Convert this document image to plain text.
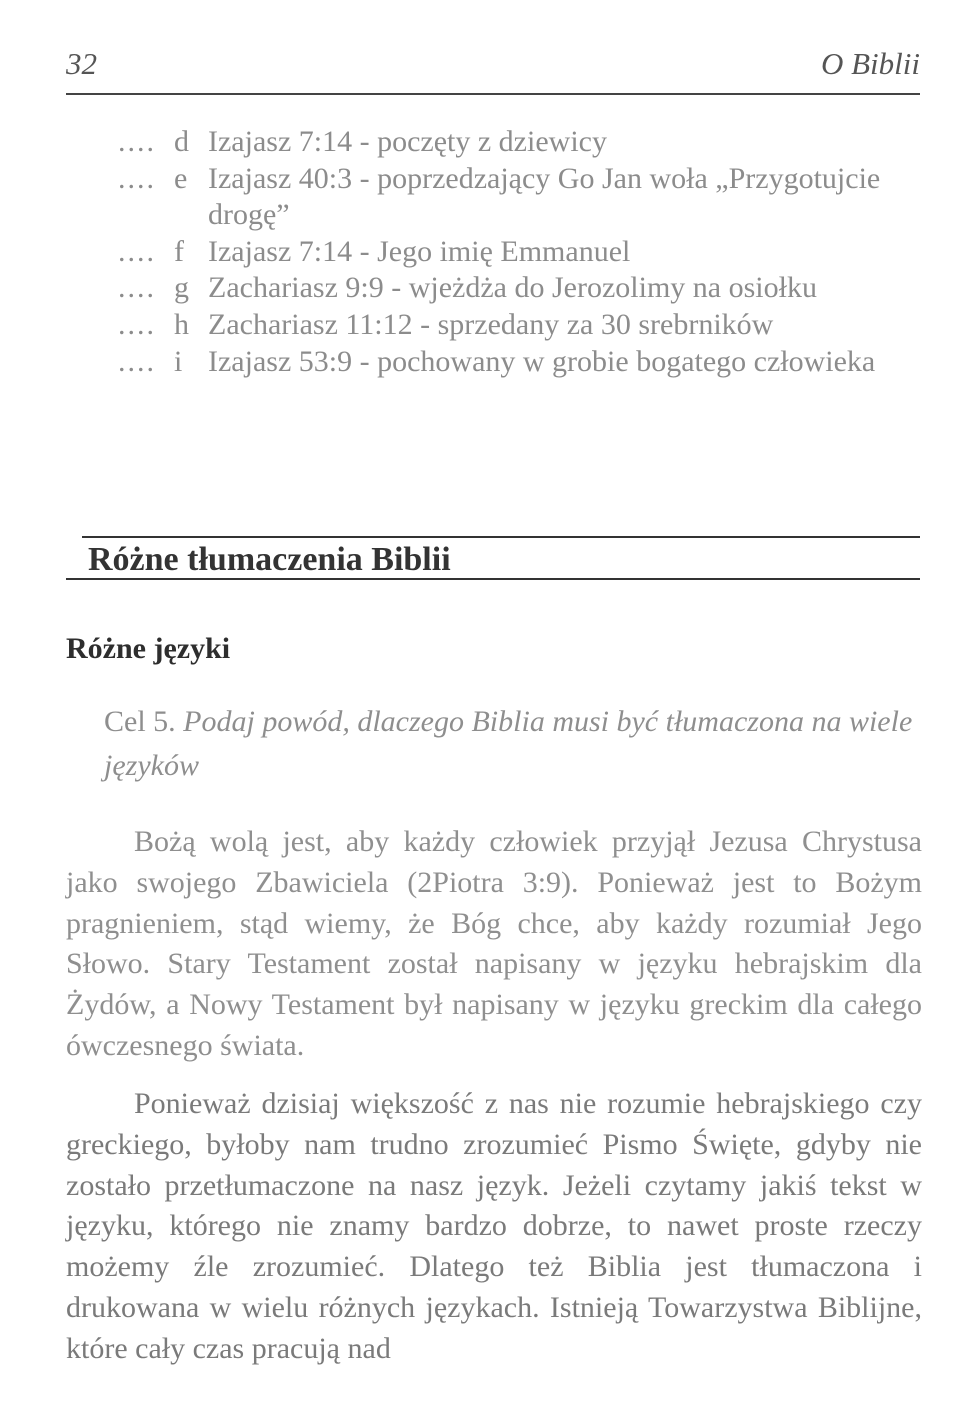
32	O Biblii
.... d Izajasz 7:14 - poczęty z dziewicy
.... e Izajasz 40:3 - poprzedzający Go Jan woła „Przygotujcie drogę”
.... f Izajasz 7:14 - Jego imię Emmanuel
.... g Zachariasz 9:9 - wjeżdża do Jerozolimy na osiołku
.... h Zachariasz 11:12 - sprzedany za 30 srebrników
.... i Izajasz 53:9 - pochowany w grobie bogatego człowieka
Różne tłumaczenia Biblii
Różne języki
Cel 5. Podaj powód, dlaczego Biblia musi być tłumaczona na wiele języków

Bożą wolą jest, aby każdy człowiek przyjął Jezusa Chrystusa jako swojego Zbawiciela (2Piotra 3:9). Ponieważ jest to Bożym pragnieniem, stąd wiemy, że Bóg chce, aby każdy rozumiał Jego Słowo. Stary Testament został napisany w języku hebrajskim dla Żydów, a Nowy Testament był napisany w języku greckim dla całego ówczesnego świata.

Ponieważ dzisiaj większość z nas nie rozumie hebrajskiego czy greckiego, byłoby nam trudno zrozumieć Pismo Święte, gdyby nie zostało przetłumaczone na nasz język. Jeżeli czytamy jakiś tekst w języku, którego nie znamy bardzo dobrze, to nawet proste rzeczy możemy źle zrozumieć. Dlatego też Biblia jest tłumaczona i drukowana w wielu różnych językach. Istnieją Towarzystwa Biblijne, które cały czas pracują nad
